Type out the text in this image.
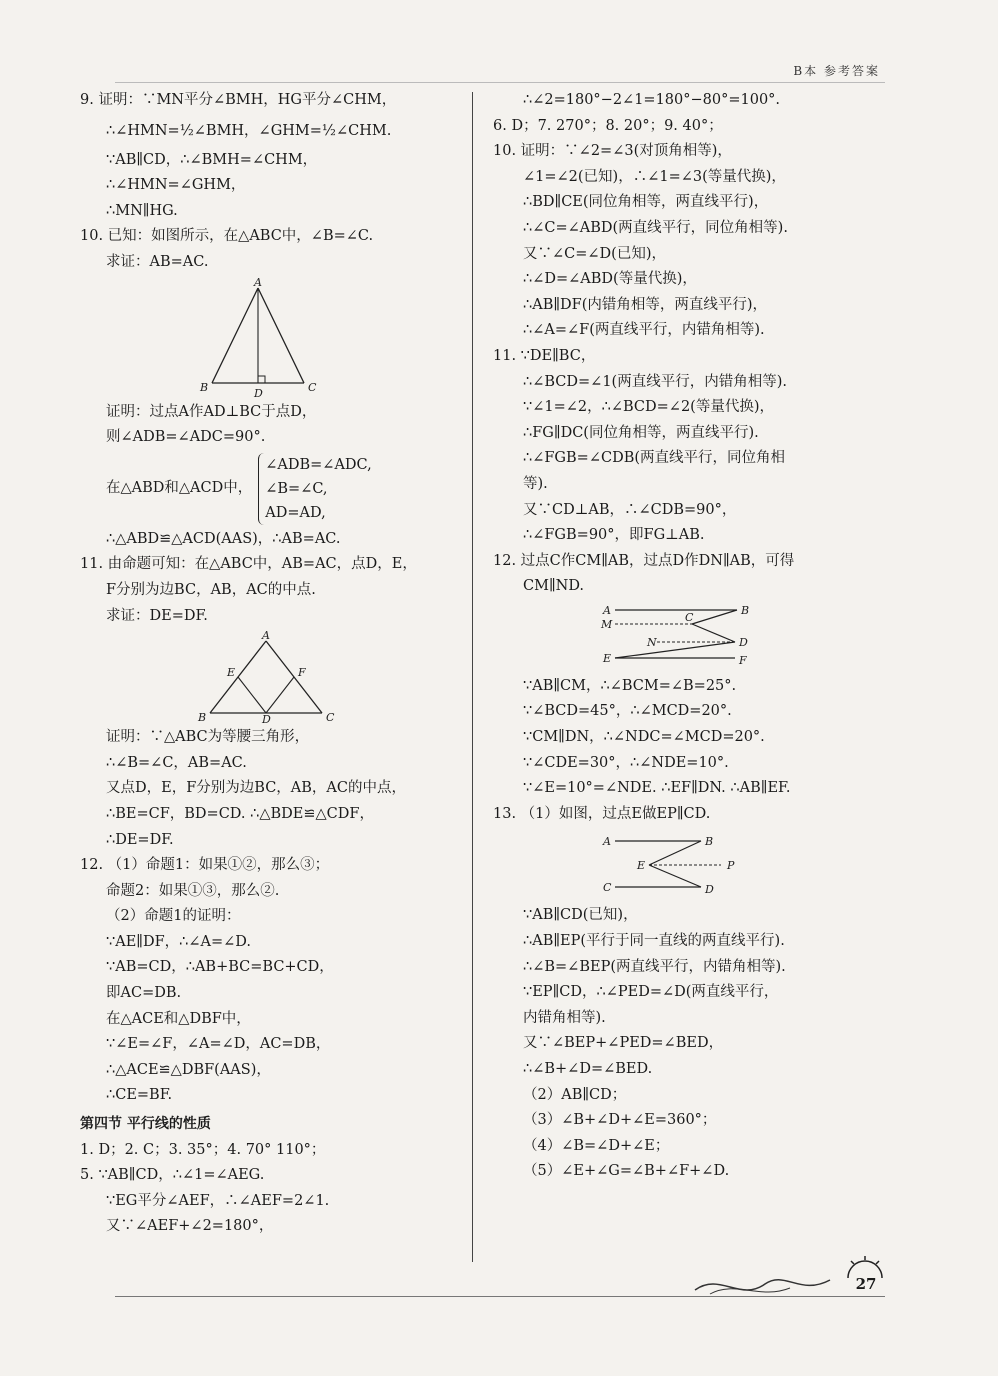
B本 参考答案
9. 证明：∵MN平分∠BMH，HG平分∠CHM，
∴∠HMN=½∠BMH，∠GHM=½∠CHM.
∵AB∥CD，∴∠BMH=∠CHM，
∴∠HMN=∠GHM，
∴MN∥HG.
10. 已知：如图所示，在△ABC中，∠B=∠C.
求证：AB=AC.
A
B	C
D
证明：过点A作AD⊥BC于点D，
则∠ADB=∠ADC=90°.
在△ABD和△ACD中，
∠ADB=∠ADC,
∠B=∠C,
AD=AD,
∴△ABD≌△ACD(AAS)，∴AB=AC.
11. 由命题可知：在△ABC中，AB=AC，点D，E，
F分别为边BC，AB，AC的中点.
求证：DE=DF.
A
B	C
D
E	F
证明：∵△ABC为等腰三角形，
∴∠B=∠C，AB=AC.
又点D，E，F分别为边BC，AB，AC的中点，
∴BE=CF，BD=CD. ∴△BDE≌△CDF，
∴DE=DF.
12. （1）命题1：如果①②，那么③；
命题2：如果①③，那么②.
（2）命题1的证明：
∵AE∥DF，∴∠A=∠D.
∵AB=CD，∴AB+BC=BC+CD，
即AC=DB.
在△ACE和△DBF中，
∵∠E=∠F，∠A=∠D，AC=DB，
∴△ACE≌△DBF(AAS)，
∴CE=BF.
第四节 平行线的性质
1. D；2. C；3. 35°；4. 70° 110°；
5. ∵AB∥CD，∴∠1=∠AEG.
∵EG平分∠AEF，∴∠AEF=2∠1.
又∵∠AEF+∠2=180°，
∴∠2=180°−2∠1=180°−80°=100°.
6. D；7. 270°；8. 20°；9. 40°；
10. 证明：∵∠2=∠3(对顶角相等)，
∠1=∠2(已知)，∴∠1=∠3(等量代换)，
∴BD∥CE(同位角相等，两直线平行)，
∴∠C=∠ABD(两直线平行，同位角相等).
又∵∠C=∠D(已知)，
∴∠D=∠ABD(等量代换)，
∴AB∥DF(内错角相等，两直线平行)，
∴∠A=∠F(两直线平行，内错角相等).
11. ∵DE∥BC，
∴∠BCD=∠1(两直线平行，内错角相等).
∵∠1=∠2，∴∠BCD=∠2(等量代换)，
∴FG∥DC(同位角相等，两直线平行).
∴∠FGB=∠CDB(两直线平行，同位角相
等).
又∵CD⊥AB，∴∠CDB=90°，
∴∠FGB=90°，即FG⊥AB.
12. 过点C作CM∥AB，过点D作DN∥AB，可得
CM∥ND.
A	B
M
C
N	D
E	F
∵AB∥CM，∴∠BCM=∠B=25°.
∵∠BCD=45°，∴∠MCD=20°.
∵CM∥DN，∴∠NDC=∠MCD=20°.
∵∠CDE=30°，∴∠NDE=10°.
∵∠E=10°=∠NDE. ∴EF∥DN. ∴AB∥EF.
13. （1）如图，过点E做EP∥CD.
A	B
E	P
C	D
∵AB∥CD(已知)，
∴AB∥EP(平行于同一直线的两直线平行).
∴∠B=∠BEP(两直线平行，内错角相等).
∵EP∥CD，∴∠PED=∠D(两直线平行，
内错角相等).
又∵∠BEP+∠PED=∠BED，
∴∠B+∠D=∠BED.
（2）AB∥CD；
（3）∠B+∠D+∠E=360°；
（4）∠B=∠D+∠E；
（5）∠E+∠G=∠B+∠F+∠D.
27
